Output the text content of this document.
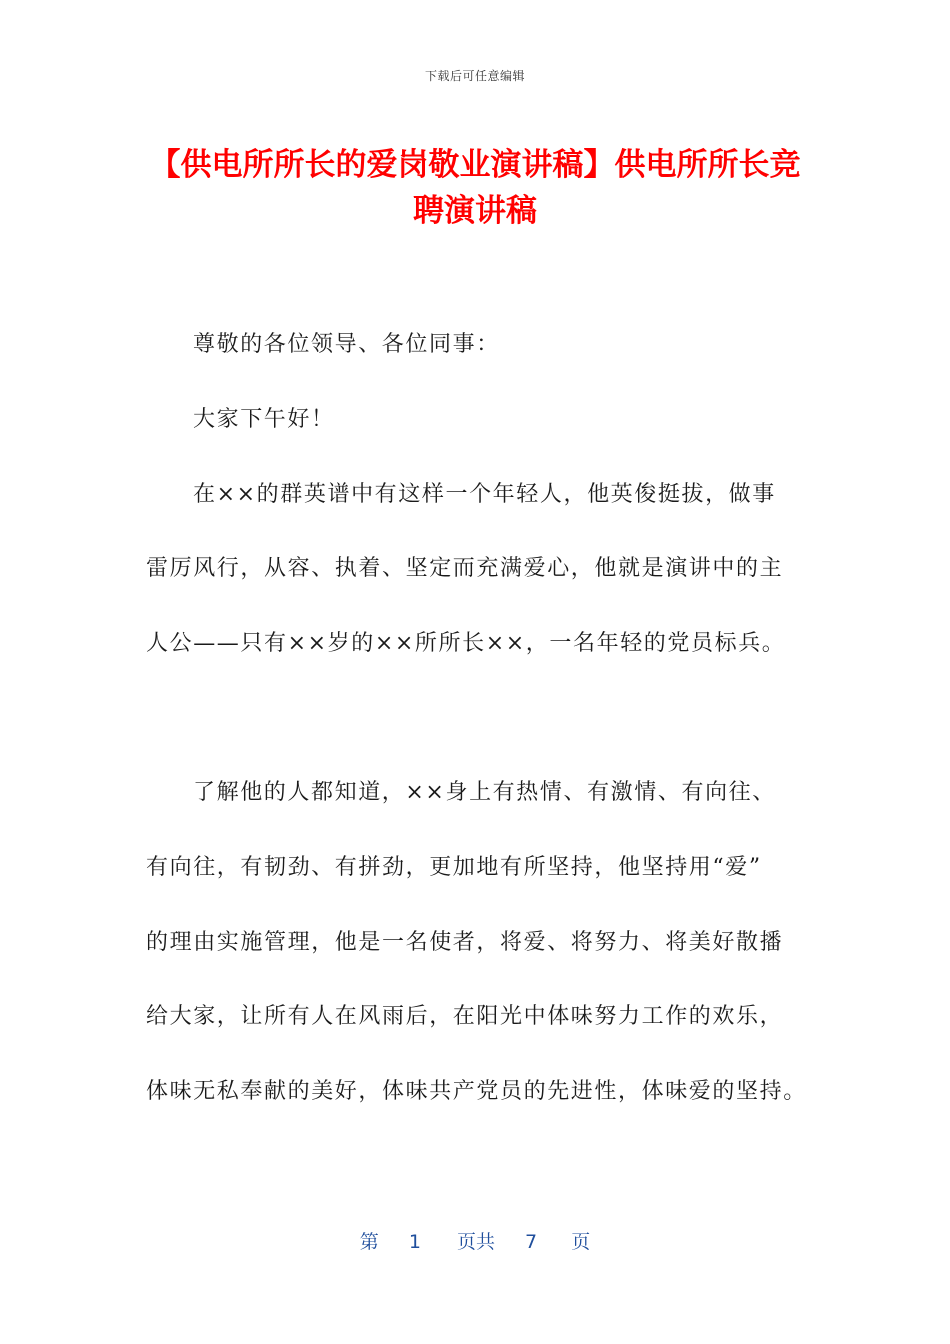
下载后可任意编辑
【供电所所长的爱岗敬业演讲稿】供电所所长竞聘演讲稿
尊敬的各位领导、各位同事：
大家下午好！
在××的群英谱中有这样一个年轻人，他英俊挺拔，做事
雷厉风行，从容、执着、坚定而充满爱心，他就是演讲中的主
人公——只有××岁的××所所长××，一名年轻的党员标兵。
了解他的人都知道，××身上有热情、有激情、有向往、
有向往，有韧劲、有拼劲，更加地有所坚持，他坚持用“爱”
的理由实施管理，他是一名使者，将爱、将努力、将美好散播
给大家，让所有人在风雨后，在阳光中体味努力工作的欢乐，
体味无私奉献的美好，体味共产党员的先进性，体味爱的坚持。
第 1 页共 7 页
